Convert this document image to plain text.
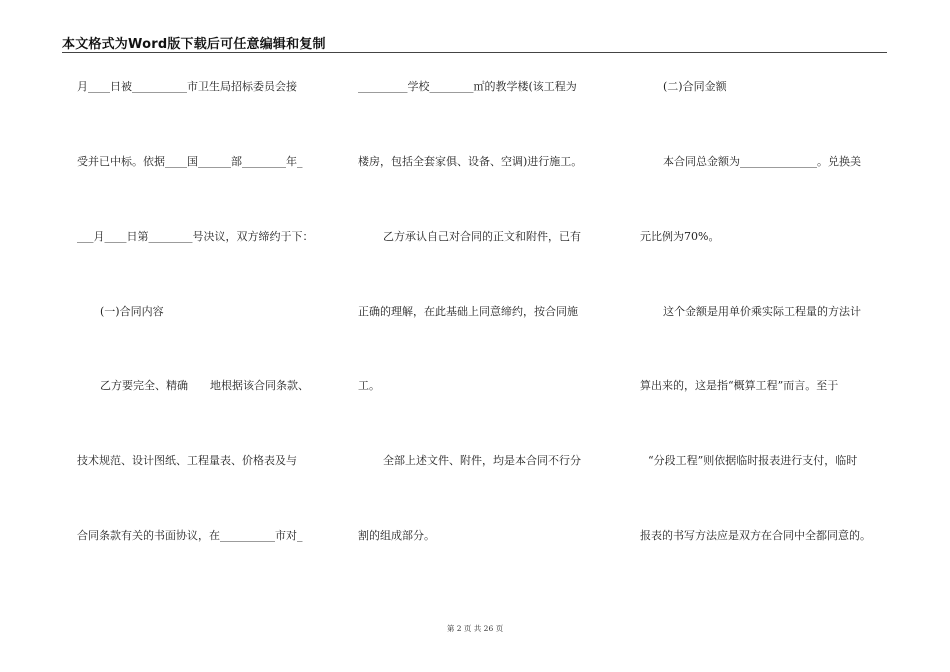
本文格式为Word版下载后可任意编辑和复制
月____日被__________市卫生局招标委员会接
受并已中标。依据____国______部________年_
___月____日第________号决议，双方缔约于下：
(一)合同内容
乙方要完全、精确　　地根据该合同条款、
技术规范、设计图纸、工程量表、价格表及与
合同条款有关的书面协议，在__________市对_
_________学校________㎡的教学楼(该工程为
楼房，包括全套家俱、设备、空调)进行施工。
乙方承认自己对合同的正文和附件，已有
正确的理解，在此基础上同意缔约，按合同施
工。
全部上述文件、附件，均是本合同不行分
割的组成部分。
(二)合同金额
本合同总金额为______________。兑换美
元比例为70%。
这个金额是用单价乘实际工程量的方法计
算出来的，这是指“概算工程”而言。至于
“分段工程”则依据临时报表进行支付，临时
报表的书写方法应是双方在合同中全都同意的。
第 2 页 共 26 页
